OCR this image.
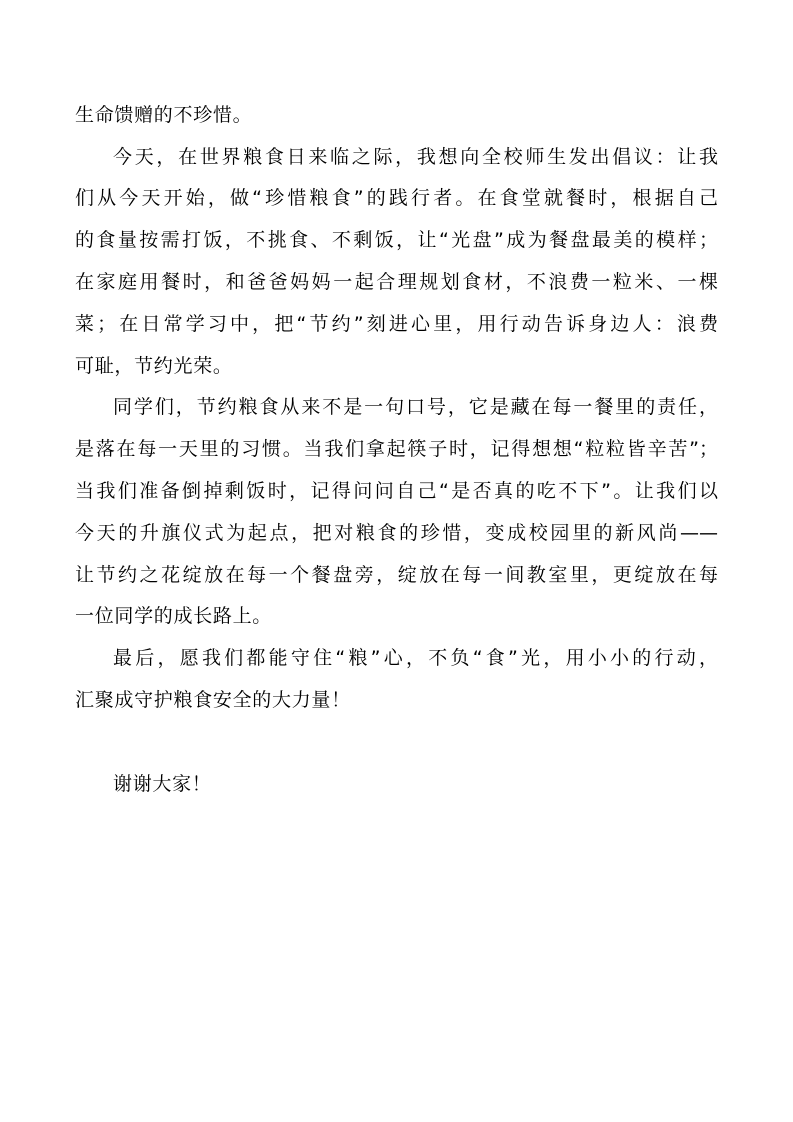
生命馈赠的不珍惜。
今天，在世界粮食日来临之际，我想向全校师生发出倡议：让我
们从今天开始，做“珍惜粮食”的践行者。在食堂就餐时，根据自己
的食量按需打饭，不挑食、不剩饭，让“光盘”成为餐盘最美的模样；
在家庭用餐时，和爸爸妈妈一起合理规划食材，不浪费一粒米、一棵
菜；在日常学习中，把“节约”刻进心里，用行动告诉身边人：浪费
可耻，节约光荣。
同学们，节约粮食从来不是一句口号，它是藏在每一餐里的责任，
是落在每一天里的习惯。当我们拿起筷子时，记得想想“粒粒皆辛苦”；
当我们准备倒掉剩饭时，记得问问自己“是否真的吃不下”。让我们以
今天的升旗仪式为起点，把对粮食的珍惜，变成校园里的新风尚——
让节约之花绽放在每一个餐盘旁，绽放在每一间教室里，更绽放在每
一位同学的成长路上。
最后，愿我们都能守住“粮”心，不负“食”光，用小小的行动，
汇聚成守护粮食安全的大力量！
谢谢大家！
